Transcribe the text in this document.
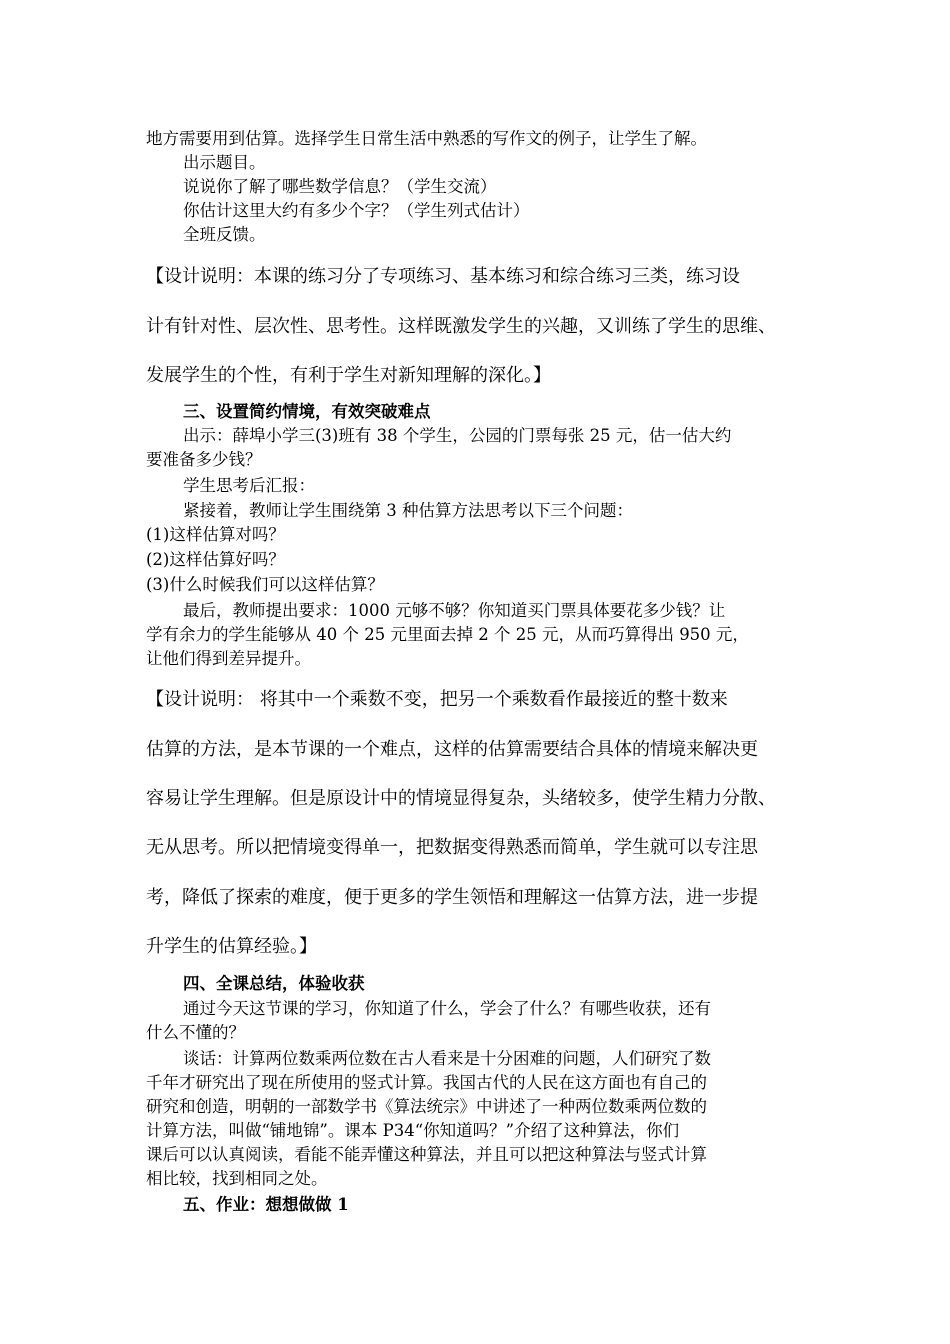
地方需要用到估算。选择学生日常生活中熟悉的写作文的例子，让学生了解。
出示题目。
说说你了解了哪些数学信息？（学生交流）
你估计这里大约有多少个字？（学生列式估计）
全班反馈。
【设计说明：本课的练习分了专项练习、基本练习和综合练习三类，练习设
计有针对性、层次性、思考性。这样既激发学生的兴趣，又训练了学生的思维、
发展学生的个性，有利于学生对新知理解的深化。】
三、设置简约情境，有效突破难点
出示：薛埠小学三(3)班有 38 个学生，公园的门票每张 25 元，估一估大约
要准备多少钱？
学生思考后汇报：
紧接着，教师让学生围绕第 3 种估算方法思考以下三个问题：
(1)这样估算对吗？
(2)这样估算好吗？
(3)什么时候我们可以这样估算？
最后，教师提出要求：1000 元够不够？你知道买门票具体要花多少钱？让
学有余力的学生能够从 40 个 25 元里面去掉 2 个 25 元，从而巧算得出 950 元，
让他们得到差异提升。
【设计说明： 将其中一个乘数不变，把另一个乘数看作最接近的整十数来
估算的方法，是本节课的一个难点，这样的估算需要结合具体的情境来解决更
容易让学生理解。但是原设计中的情境显得复杂，头绪较多，使学生精力分散、
无从思考。所以把情境变得单一，把数据变得熟悉而简单，学生就可以专注思
考，降低了探索的难度，便于更多的学生领悟和理解这一估算方法，进一步提
升学生的估算经验。】
四、全课总结，体验收获
通过今天这节课的学习，你知道了什么，学会了什么？有哪些收获，还有
什么不懂的？
谈话：计算两位数乘两位数在古人看来是十分困难的问题，人们研究了数
千年才研究出了现在所使用的竖式计算。我国古代的人民在这方面也有自己的
研究和创造，明朝的一部数学书《算法统宗》中讲述了一种两位数乘两位数的
计算方法，叫做“铺地锦”。课本 P34“你知道吗？”介绍了这种算法，你们
课后可以认真阅读，看能不能弄懂这种算法，并且可以把这种算法与竖式计算
相比较，找到相同之处。
五、作业：想想做做 1
